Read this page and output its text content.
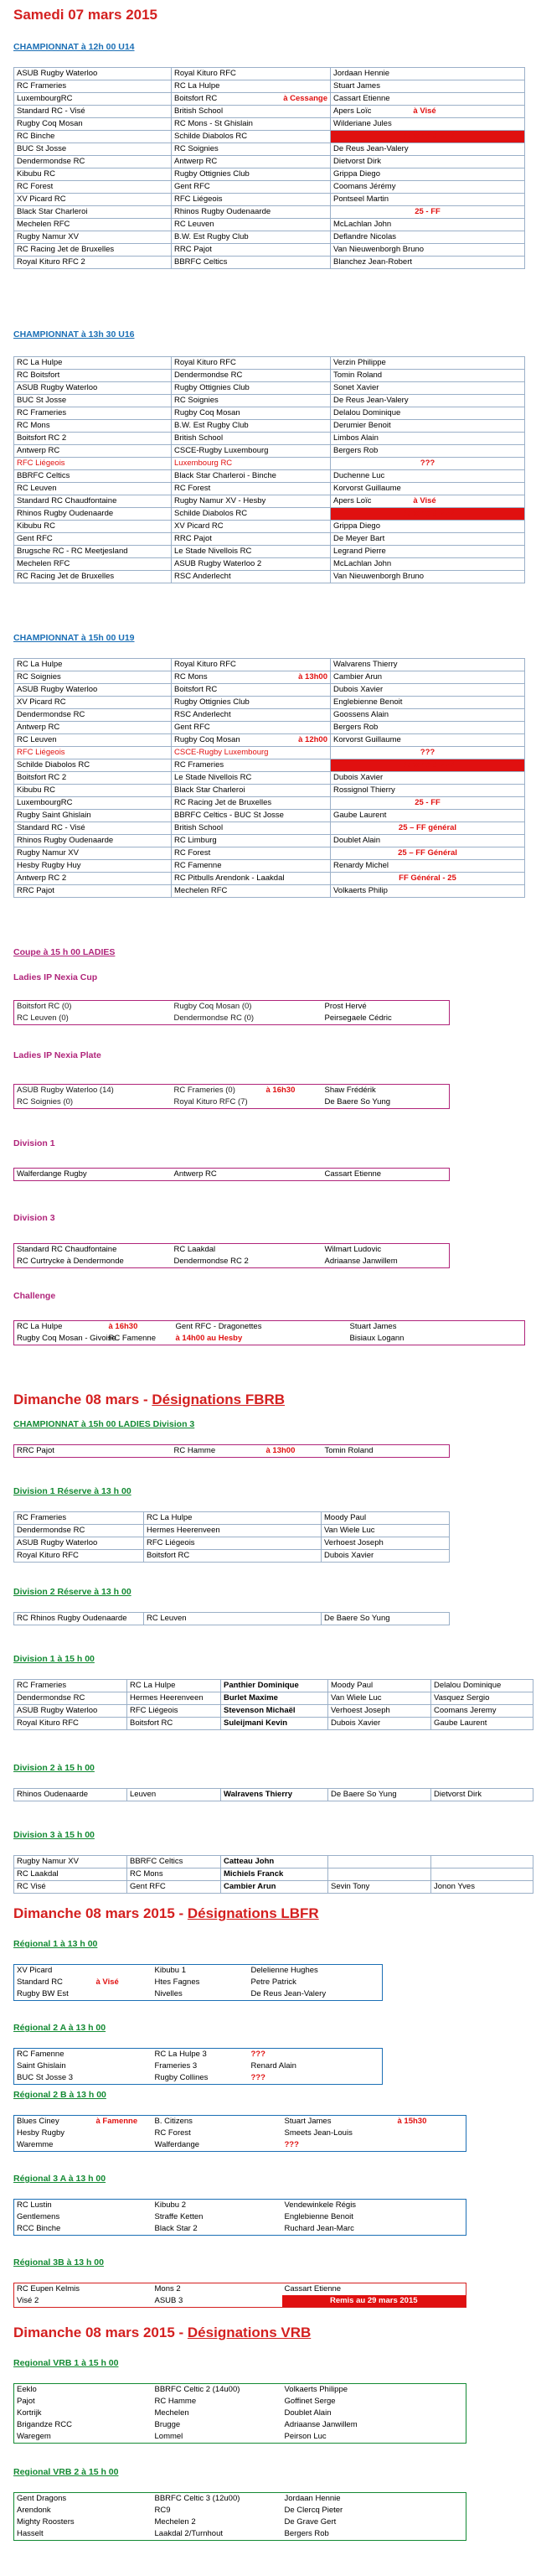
Samedi 07 mars 2015
CHAMPIONNAT à 12h 00 U14
ASUB Rugby Waterloo	Royal Kituro RFC	Jordaan Hennie
RC Frameries	RC La Hulpe	Stuart James
LuxembourgRC	Boitsfort RC à Cessange	Cassart Etienne
Standard RC - Visé	British School	Apers Loïc à Visé
Rugby Coq Mosan	RC Mons - St Ghislain	Wilderiane Jules
RC Binche	Schilde Diabolos RC	Reporté à ???
BUC St Josse	RC Soignies	De Reus Jean-Valery
Dendermondse RC	Antwerp RC	Dietvorst Dirk
Kibubu RC	Rugby Ottignies Club	Grippa Diego
RC Forest	Gent RFC	Coomans Jérémy
XV Picard RC	RFC Liégeois	Pontseel Martin
Black Star Charleroi	Rhinos Rugby Oudenaarde	25 - FF
Mechelen RFC	RC Leuven	McLachlan John
Rugby Namur XV	B.W. Est Rugby Club	Deflandre Nicolas
RC Racing Jet de Bruxelles	RRC Pajot	Van Nieuwenborgh Bruno
Royal Kituro RFC 2	BBRFC Celtics	Blanchez Jean-Robert
CHAMPIONNAT à 13h 30 U16
RC La Hulpe	Royal Kituro RFC	Verzin Philippe
RC Boitsfort	Dendermondse RC	Tomin Roland
ASUB Rugby Waterloo	Rugby Ottignies Club	Sonet Xavier
BUC St Josse	RC Soignies	De Reus Jean-Valery
RC Frameries	Rugby Coq Mosan	Delalou Dominique
RC Mons	B.W. Est Rugby Club	Derumier Benoit
Boitsfort RC 2	British School	Limbos Alain
Antwerp RC	CSCE-Rugby Luxembourg	Bergers Rob
RFC Liégeois	Luxembourg RC	???
BBRFC Celtics	Black Star Charleroi - Binche	Duchenne Luc
RC Leuven	RC Forest	Korvorst Guillaume
Standard RC Chaudfontaine	Rugby Namur XV - Hesby	Apers Loïc à Visé
Rhinos Rugby Oudenaarde	Schilde Diabolos RC	Reporté à ???
Kibubu RC	XV Picard RC	Grippa Diego
Gent RFC	RRC Pajot	De Meyer Bart
Brugsche RC - RC Meetjesland	Le Stade Nivellois RC	Legrand Pierre
Mechelen RFC	ASUB Rugby Waterloo 2	McLachlan John
RC Racing Jet de Bruxelles	RSC Anderlecht	Van Nieuwenborgh Bruno
CHAMPIONNAT à 15h 00 U19
RC La Hulpe	Royal Kituro RFC	Walvarens Thierry
RC Soignies	RC Mons à 13h00	Cambier Arun
ASUB Rugby Waterloo	Boitsfort RC	Dubois Xavier
XV Picard RC	Rugby Ottignies Club	Englebienne Benoit
Dendermondse RC	RSC Anderlecht	Goossens Alain
Antwerp RC	Gent RFC	Bergers Rob
RC Leuven	Rugby Coq Mosan à 12h00	Korvorst Guillaume
RFC Liégeois	CSCE-Rugby Luxembourg	???
Schilde Diabolos RC	RC Frameries	Reporté à ???
Boitsfort RC 2	Le Stade Nivellois RC	Dubois Xavier
Kibubu RC	Black Star Charleroi	Rossignol Thierry
LuxembourgRC	RC Racing Jet de Bruxelles	25 - FF
Rugby Saint Ghislain	BBRFC Celtics - BUC St Josse	Gaube Laurent
Standard RC - Visé	British School	25 – FF général
Rhinos Rugby Oudenaarde	RC Limburg	Doublet Alain
Rugby Namur XV	RC Forest	25 – FF Général
Hesby Rugby Huy	RC Famenne	Renardy Michel
Antwerp RC 2	RC Pitbulls Arendonk - Laakdal	FF Général - 25
RRC Pajot	Mechelen RFC	Volkaerts Philip
Coupe à 15 h 00 LADIES
Ladies IP Nexia Cup
Boitsfort RC (0)	Rugby Coq Mosan (0)	Prost Hervé
RC Leuven (0)	Dendermondse RC (0)	Peirsegaele Cédric
Ladies IP Nexia Plate
ASUB Rugby Waterloo (14)	RC Frameries (0)	à 16h30	Shaw Frédérik
RC Soignies (0)	Royal Kituro RFC (7)		De Baere So Yung
Division 1
Walferdange Rugby	Antwerp RC	Cassart Etienne
Division 3
Standard RC Chaudfontaine	RC Laakdal	Wilmart Ludovic
RC Curtrycke à Dendermonde	Dendermondse RC 2	Adriaanse Janwillem
Challenge
RC La Hulpe	à 16h30	Gent RFC - Dragonettes	Stuart James
Rugby Coq Mosan - Givoise	RC Famenne	à 14h00 au Hesby	Bisiaux Logann
Dimanche 08 mars - Désignations FBRB
CHAMPIONNAT à 15h 00 LADIES Division 3
RRC Pajot	RC Hamme	à 13h00	Tomin Roland
Division 1 Réserve à 13 h 00
RC Frameries	RC La Hulpe	Moody Paul
Dendermondse RC	Hermes Heerenveen	Van Wiele Luc
ASUB Rugby Waterloo	RFC Liégeois	Verhoest Joseph
Royal Kituro RFC	Boitsfort RC	Dubois Xavier
Division 2 Réserve à 13 h 00
RC Rhinos Rugby Oudenaarde	RC Leuven	De Baere So Yung
Division 1 à 15 h 00
RC Frameries	RC La Hulpe	Panthier Dominique	Moody Paul	Delalou Dominique
Dendermondse RC	Hermes Heerenveen	Burlet Maxime	Van Wiele Luc	Vasquez Sergio
ASUB Rugby Waterloo	RFC Liégeois	Stevenson Michaël	Verhoest Joseph	Coomans Jeremy
Royal Kituro RFC	Boitsfort RC	Suleijmani Kevin	Dubois Xavier	Gaube Laurent
Division 2 à 15 h 00
Rhinos Oudenaarde	Leuven	Walravens Thierry	De Baere So Yung	Dietvorst Dirk
Division 3 à 15 h 00
Rugby Namur XV	BBRFC Celtics	Catteau John		
RC Laakdal	RC Mons	Michiels Franck		
RC Visé	Gent RFC	Cambier Arun	Sevin Tony	Jonon Yves
Dimanche 08 mars 2015 - Désignations LBFR
Régional 1 à 13 h 00
XV Picard		Kibubu 1	Delelienne Hughes
Standard RC	à Visé	Htes Fagnes	Petre Patrick
Rugby BW Est		Nivelles	De Reus Jean-Valery
Régional 2 A à 13 h 00
RC Famenne		RC La Hulpe 3	???
Saint Ghislain		Frameries 3	Renard Alain
BUC St Josse 3		Rugby Collines	???
Régional 2 B à 13 h 00
Blues Ciney	à Famenne	B. Citizens	Stuart James	à 15h30
Hesby Rugby		RC Forest	Smeets Jean-Louis	
Waremme		Walferdange	???	
Régional 3 A à 13 h 00
RC Lustin	Kibubu 2	Vendewinkele Régis
Gentlemens	Straffe Ketten	Englebienne Benoit
RCC Binche	Black Star 2	Ruchard Jean-Marc
Régional 3B à 13 h 00
RC Eupen Kelmis	Mons 2	Cassart Etienne
Visé 2	ASUB 3	Remis au 29 mars 2015
Dimanche 08 mars 2015 - Désignations VRB
Regional VRB 1 à 15 h 00
Eeklo	BBRFC Celtic 2 (14u00)	Volkaerts Philippe
Pajot	RC Hamme	Goffinet Serge
Kortrijk	Mechelen	Doublet Alain
Brigandze RCC	Brugge	Adriaanse Janwillem
Waregem	Lommel	Peirson Luc
Regional VRB 2 à 15 h 00
Gent Dragons	BBRFC Celtic 3 (12u00)	Jordaan Hennie
Arendonk	RC9	De Clercq Pieter
Mighty Roosters	Mechelen 2	De Grave Gert
Hasselt	Laakdal 2/Turnhout	Bergers Rob
